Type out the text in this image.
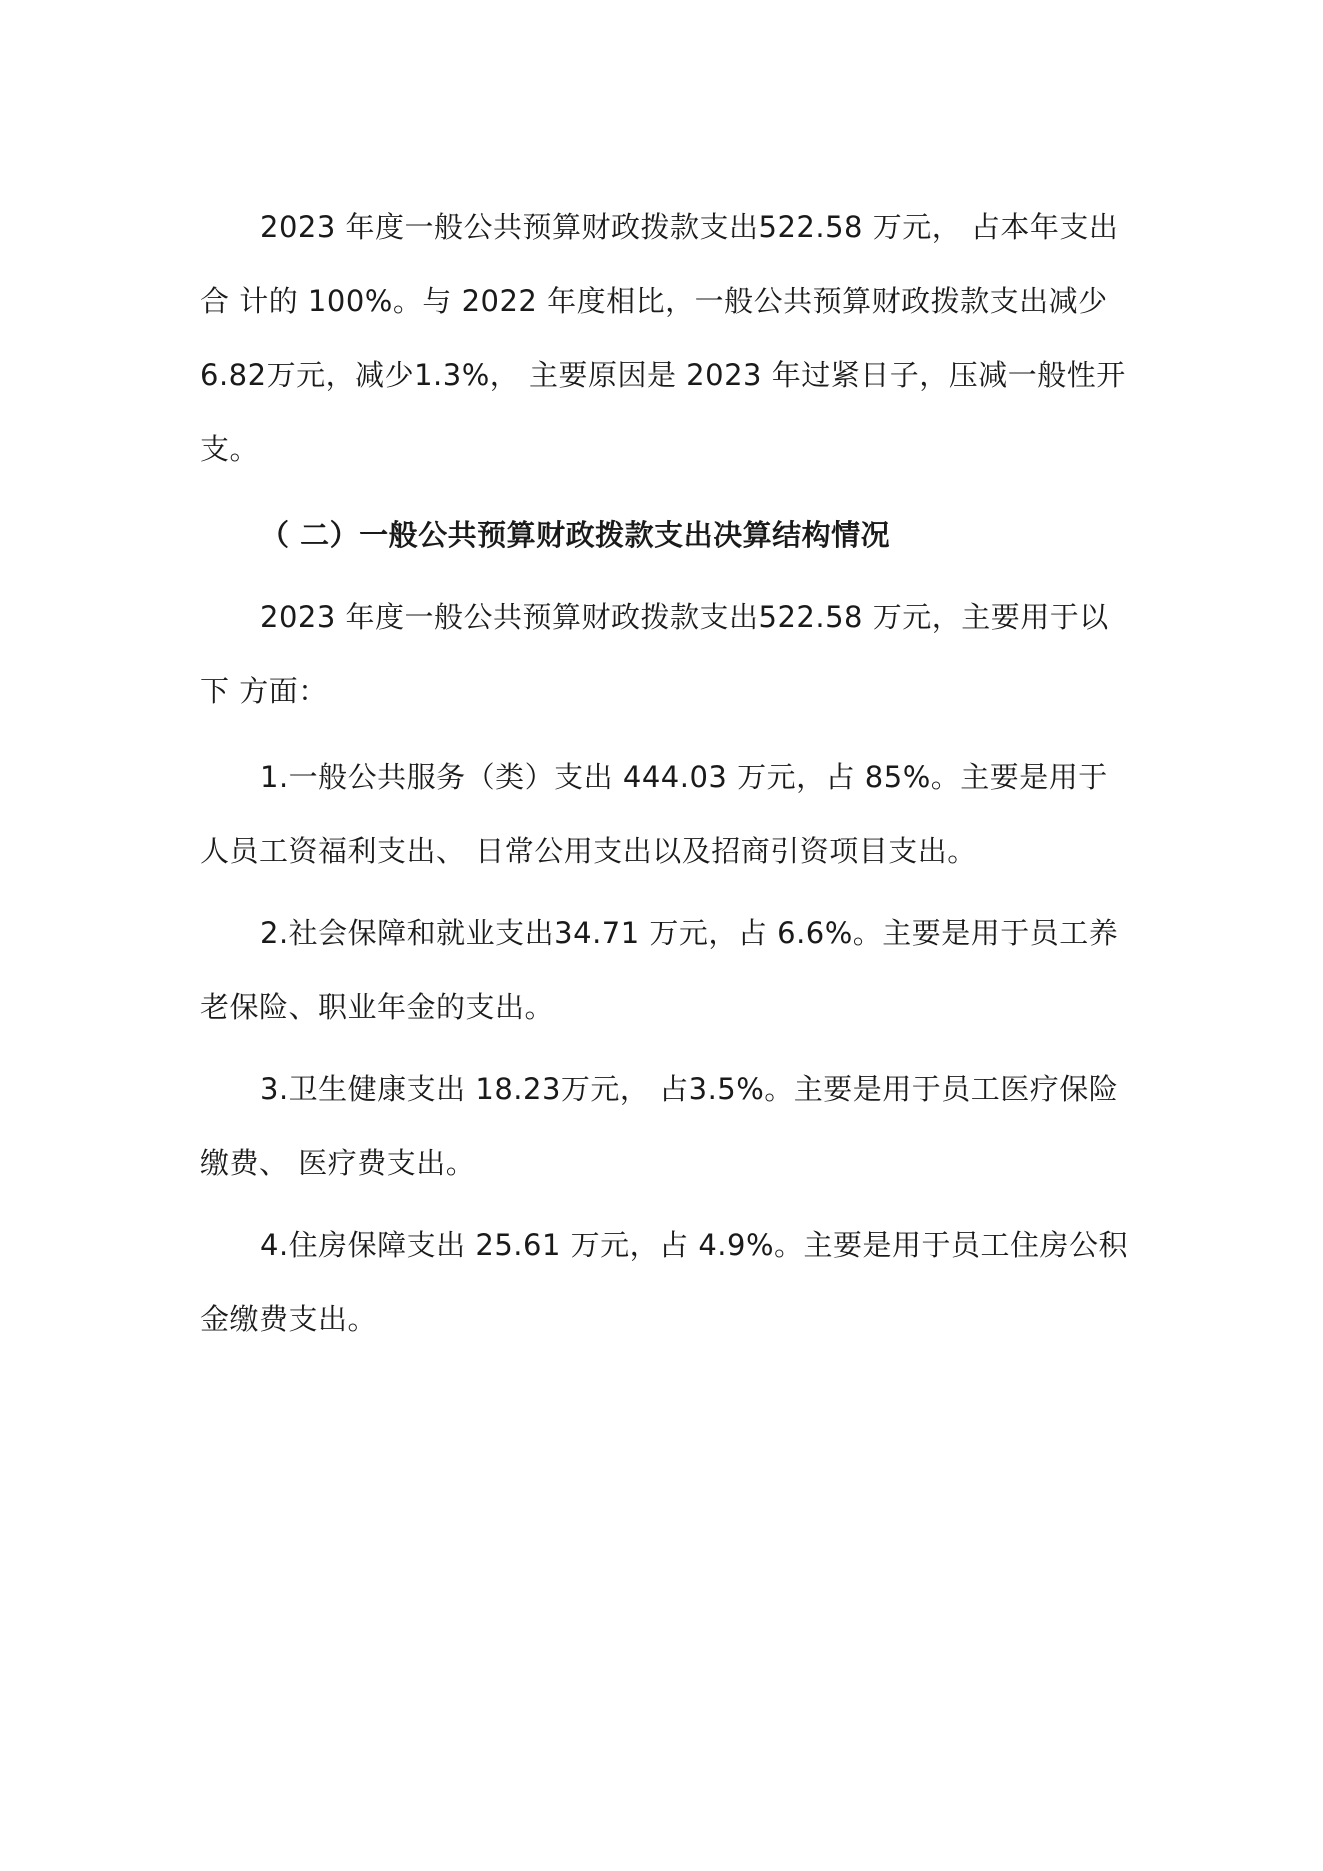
2023 年度一般公共预算财政拨款支出522.58 万元， 占本年支出合 计的 100%。与 2022 年度相比，一般公共预算财政拨款支出减少6.82万元，减少1.3%， 主要原因是 2023 年过紧日子，压减一般性开支。

（ 二）一般公共预算财政拨款支出决算结构情况

2023 年度一般公共预算财政拨款支出522.58 万元，主要用于以下 方面：

1.一般公共服务（类）支出 444.03 万元，占 85%。主要是用于 人员工资福利支出、 日常公用支出以及招商引资项目支出。

2.社会保障和就业支出34.71 万元，占 6.6%。主要是用于员工养老保险、职业年金的支出。

3.卫生健康支出 18.23万元， 占3.5%。主要是用于员工医疗保险缴费、 医疗费支出。

4.住房保障支出 25.61 万元，占 4.9%。主要是用于员工住房公积金缴费支出。
